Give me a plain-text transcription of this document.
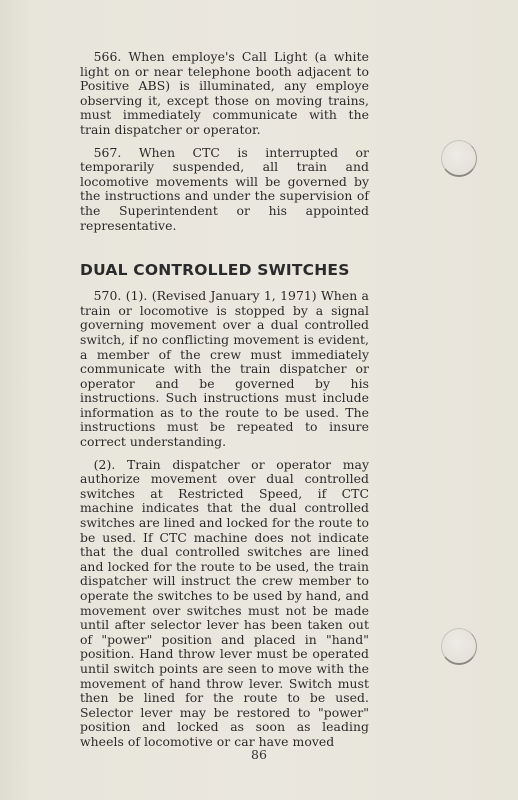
566. When employe's Call Light (a white light on or near telephone booth adjacent to Positive ABS) is illuminated, any employe observing it, except those on moving trains, must immediately communicate with the train dispatcher or operator.

567. When CTC is interrupted or temporarily suspended, all train and locomotive movements will be governed by the instructions and under the supervision of the Superintendent or his appointed representative.

DUAL CONTROLLED SWITCHES

570. (1). (Revised January 1, 1971) When a train or locomotive is stopped by a signal governing movement over a dual controlled switch, if no conflicting movement is evident, a member of the crew must immediately communicate with the train dispatcher or operator and be governed by his instructions. Such instructions must include information as to the route to be used. The instructions must be repeated to insure correct understanding.

(2). Train dispatcher or operator may authorize movement over dual controlled switches at Restricted Speed, if CTC machine indicates that the dual controlled switches are lined and locked for the route to be used. If CTC machine does not indicate that the dual controlled switches are lined and locked for the route to be used, the train dispatcher will instruct the crew member to operate the switches to be used by hand, and movement over switches must not be made until after selector lever has been taken out of "power" position and placed in "hand" position. Hand throw lever must be operated until switch points are seen to move with the movement of hand throw lever. Switch must then be lined for the route to be used. Selector lever may be restored to "power" position and locked as soon as leading wheels of locomotive or car have moved

86
